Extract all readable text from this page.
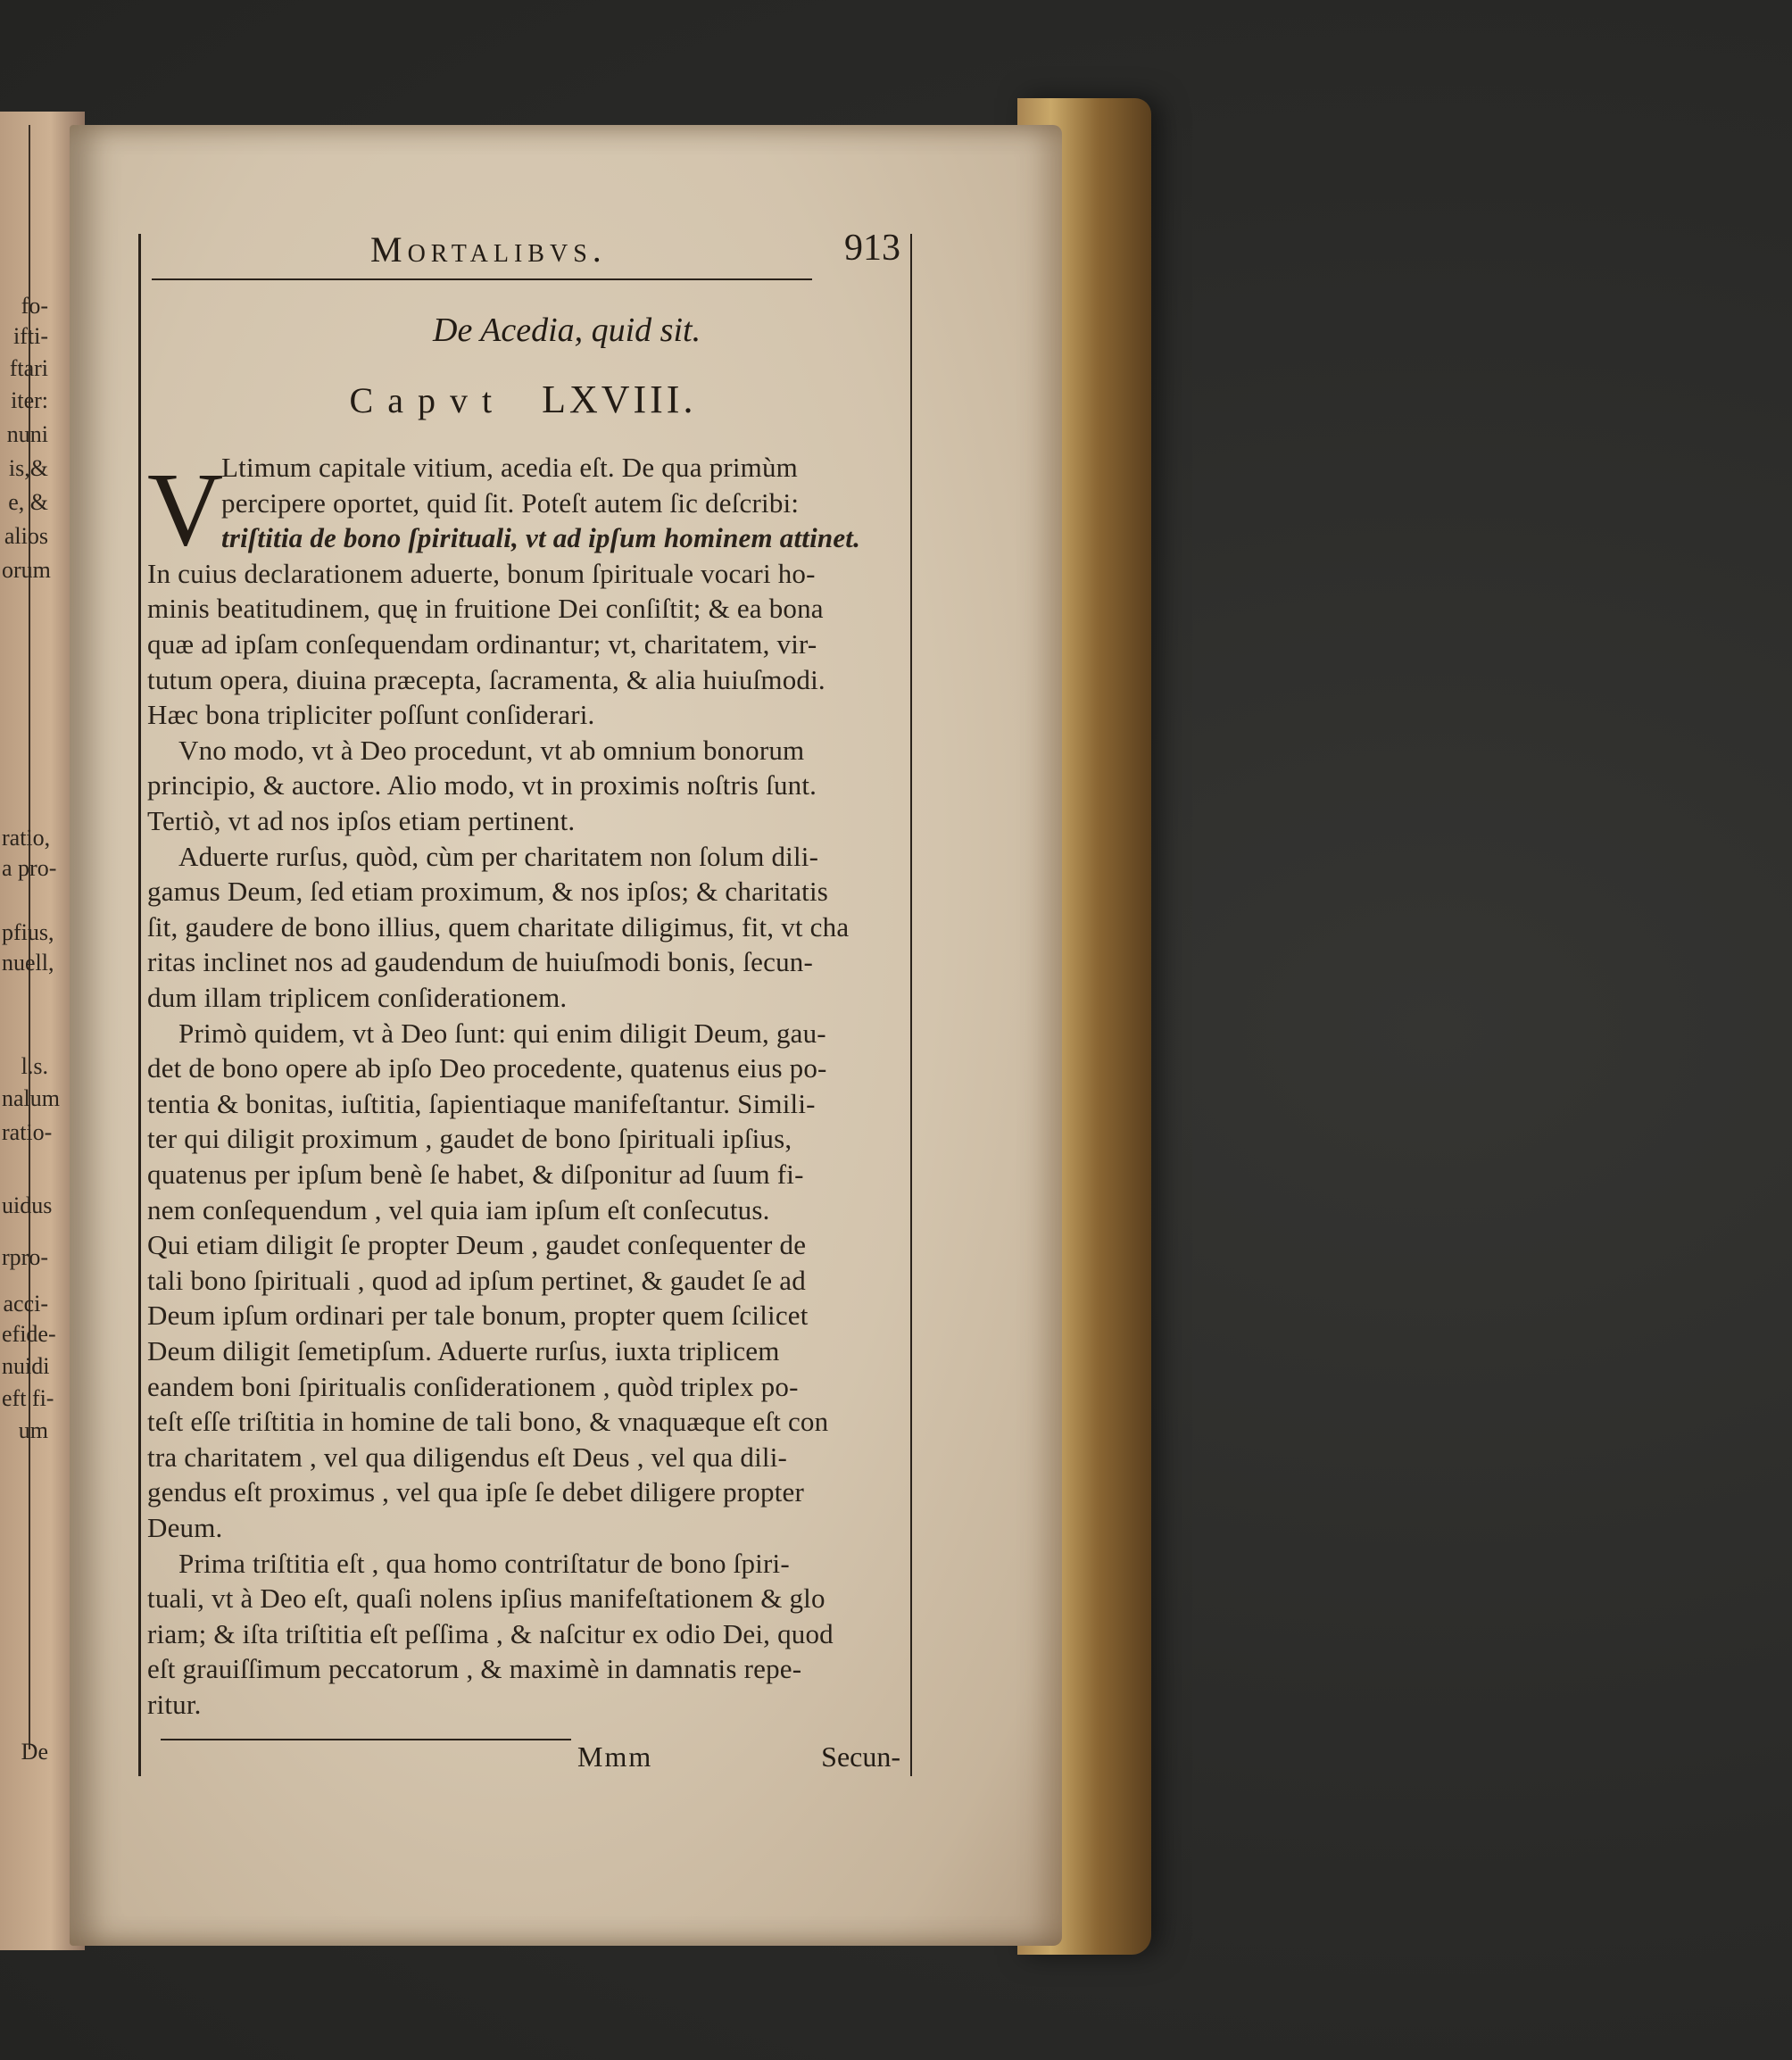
fo-
ifti-
ftari
iter:
nuni
is,&
e, &
alios
orum
ratio,
a pro-
pfius,
nuell,
l.s.
nalum
ratio-
uidus
rpro-
acci-
efide-
nuidi
eft fi-
um
De
Mortalibvs.	913
De Acedia, quid sit.
Capvt LXVIII.
V
Ltimum capitale vitium, acedia eſt. De qua primùm
percipere oportet, quid ſit. Poteſt autem ſic deſcribi:
triſtitia de bono ſpirituali, vt ad ipſum hominem attinet.
In cuius declarationem aduerte, bonum ſpirituale vocari ho-
minis beatitudinem, quę in fruitione Dei conſiſtit; & ea bona
quæ ad ipſam conſequendam ordinantur; vt, charitatem, vir-
tutum opera, diuina præcepta, ſacramenta, & alia huiuſmodi.
Hæc bona tripliciter poſſunt conſiderari.
Vno modo, vt à Deo procedunt, vt ab omnium bonorum
principio, & auctore. Alio modo, vt in proximis noſtris ſunt.
Tertiò, vt ad nos ipſos etiam pertinent.
Aduerte rurſus, quòd, cùm per charitatem non ſolum dili-
gamus Deum, ſed etiam proximum, & nos ipſos; & charitatis
ſit, gaudere de bono illius, quem charitate diligimus, fit, vt cha
ritas inclinet nos ad gaudendum de huiuſmodi bonis, ſecun-
dum illam triplicem conſiderationem.
Primò quidem, vt à Deo ſunt: qui enim diligit Deum, gau-
det de bono opere ab ipſo Deo procedente, quatenus eius po-
tentia & bonitas, iuſtitia, ſapientiaque manifeſtantur. Simili-
ter qui diligit proximum , gaudet de bono ſpirituali ipſius,
quatenus per ipſum benè ſe habet, & diſponitur ad ſuum fi-
nem conſequendum , vel quia iam ipſum eſt conſecutus.
Qui etiam diligit ſe propter Deum , gaudet conſequenter de
tali bono ſpirituali , quod ad ipſum pertinet, & gaudet ſe ad
Deum ipſum ordinari per tale bonum, propter quem ſcilicet
Deum diligit ſemetipſum. Aduerte rurſus, iuxta triplicem
eandem boni ſpiritualis conſiderationem , quòd triplex po-
teſt eſſe triſtitia in homine de tali bono, & vnaquæque eſt con
tra charitatem , vel qua diligendus eſt Deus , vel qua dili-
gendus eſt proximus , vel qua ipſe ſe debet diligere propter
Deum.
Prima triſtitia eſt , qua homo contriſtatur de bono ſpiri-
tuali, vt à Deo eſt, quaſi nolens ipſius manifeſtationem & glo
riam; & iſta triſtitia eſt peſſima , & naſcitur ex odio Dei, quod
eſt grauiſſimum peccatorum , & maximè in damnatis repe-
ritur.
Mmm	Secun-
